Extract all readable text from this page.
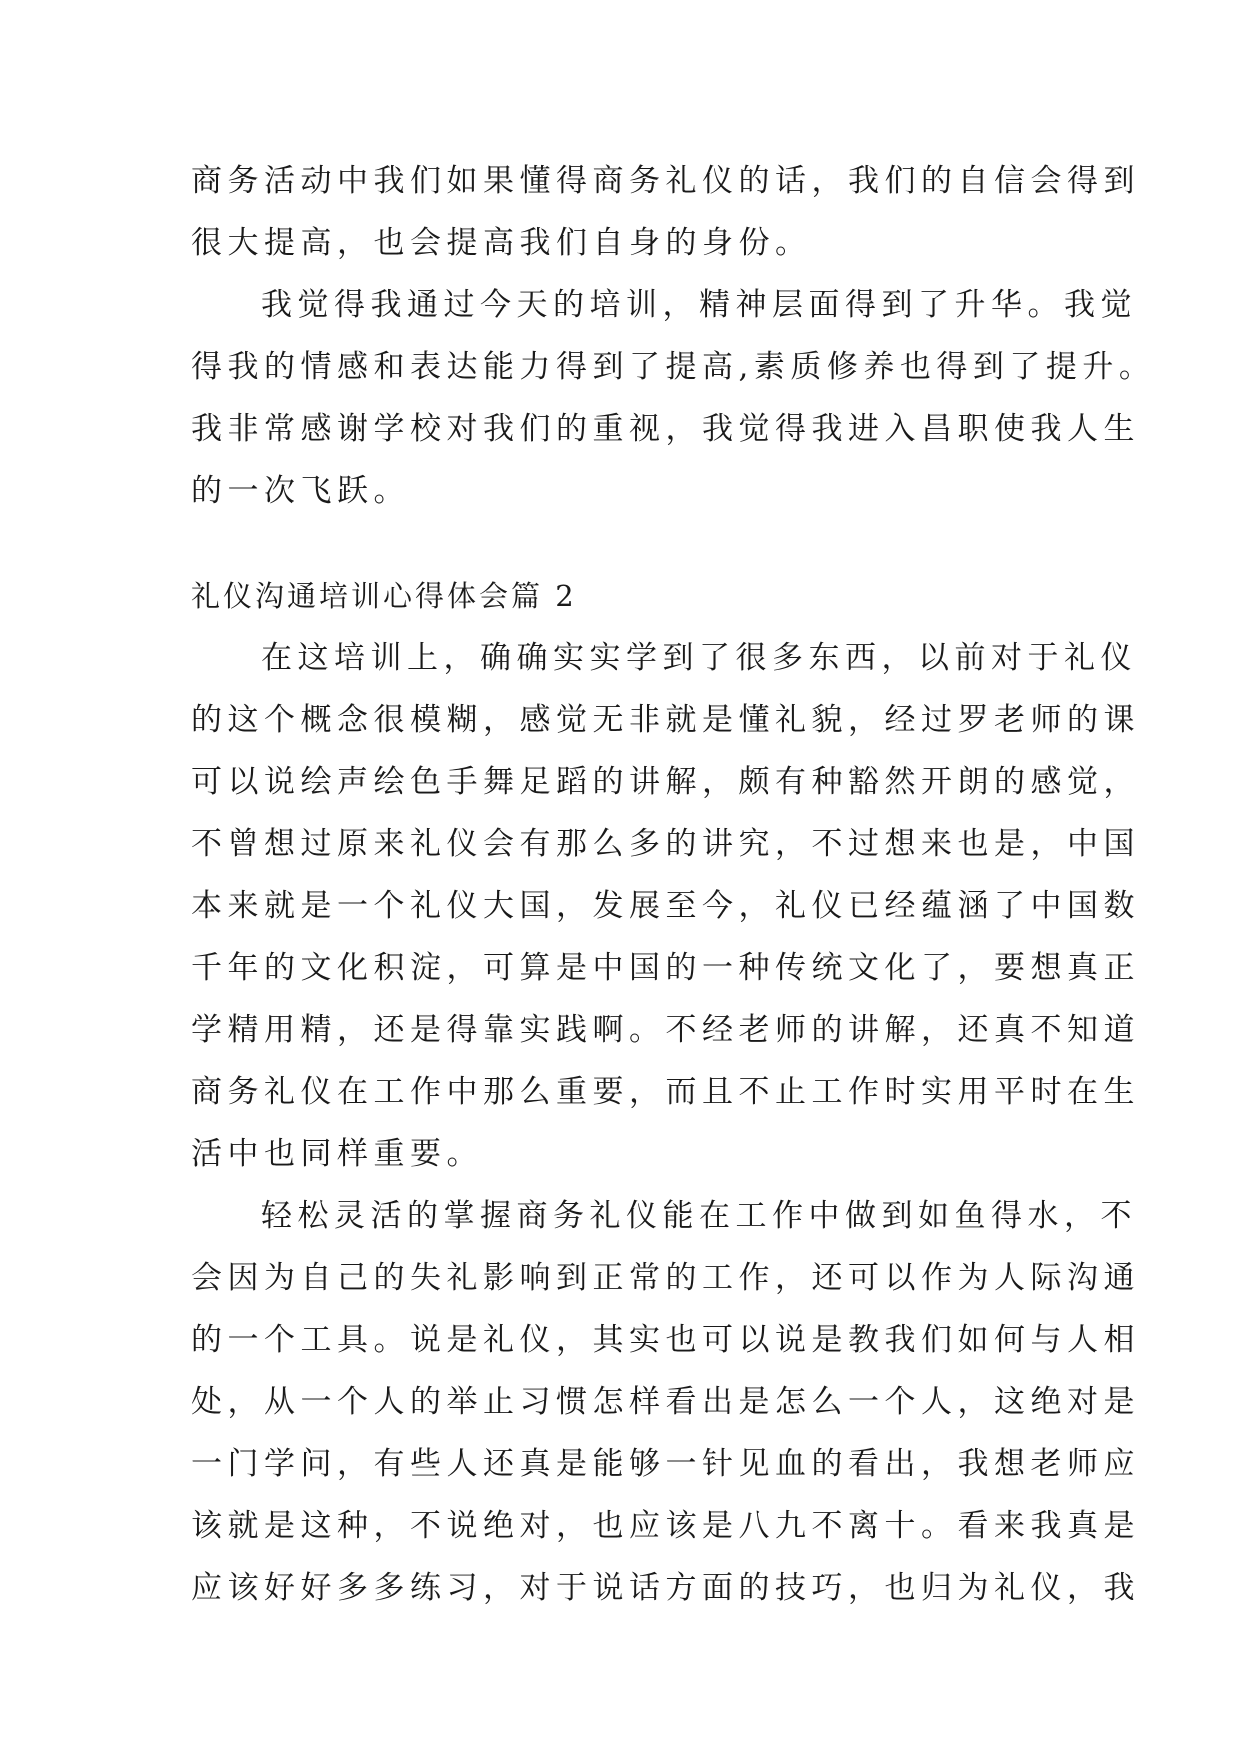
商务活动中我们如果懂得商务礼仪的话，我们的自信会得到
很大提高，也会提高我们自身的身份。
我觉得我通过今天的培训，精神层面得到了升华。我觉
得我的情感和表达能力得到了提高,素质修养也得到了提升。
我非常感谢学校对我们的重视，我觉得我进入昌职使我人生
的一次飞跃。
礼仪沟通培训心得体会篇 2
在这培训上，确确实实学到了很多东西，以前对于礼仪
的这个概念很模糊，感觉无非就是懂礼貌，经过罗老师的课
可以说绘声绘色手舞足蹈的讲解，颇有种豁然开朗的感觉，
不曾想过原来礼仪会有那么多的讲究，不过想来也是，中国
本来就是一个礼仪大国，发展至今，礼仪已经蕴涵了中国数
千年的文化积淀，可算是中国的一种传统文化了，要想真正
学精用精，还是得靠实践啊。不经老师的讲解，还真不知道
商务礼仪在工作中那么重要，而且不止工作时实用平时在生
活中也同样重要。
轻松灵活的掌握商务礼仪能在工作中做到如鱼得水，不
会因为自己的失礼影响到正常的工作，还可以作为人际沟通
的一个工具。说是礼仪，其实也可以说是教我们如何与人相
处，从一个人的举止习惯怎样看出是怎么一个人，这绝对是
一门学问，有些人还真是能够一针见血的看出，我想老师应
该就是这种，不说绝对，也应该是八九不离十。看来我真是
应该好好多多练习，对于说话方面的技巧，也归为礼仪，我
